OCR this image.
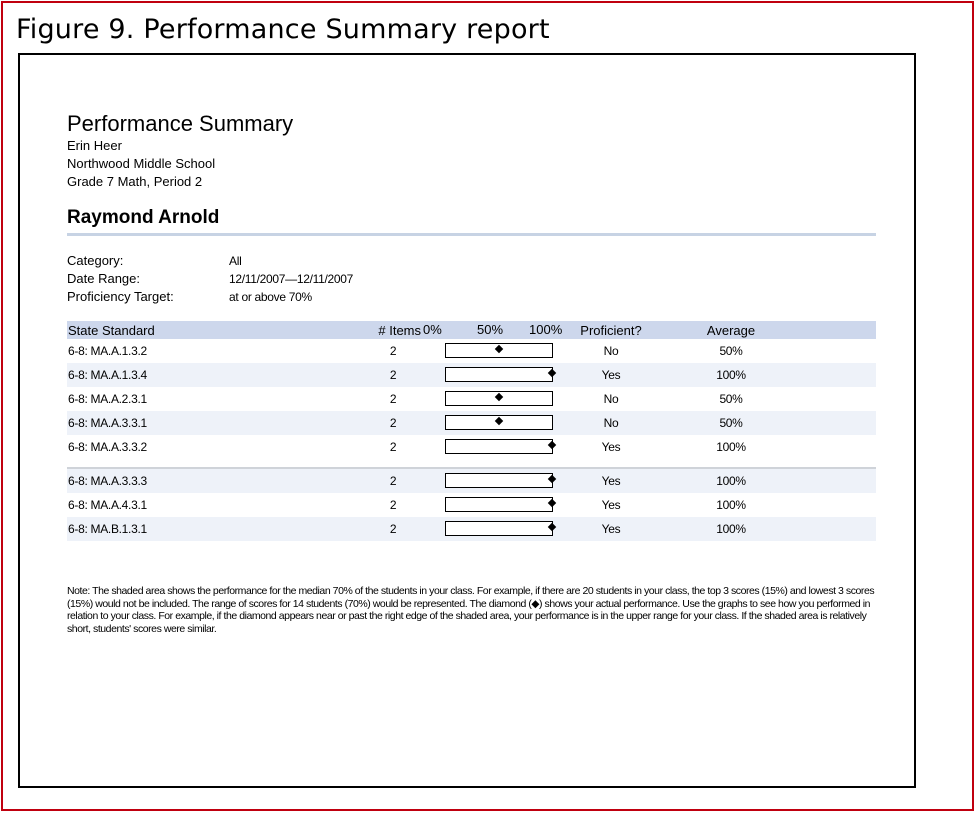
Figure 9. Performance Summary report
Performance Summary
Erin Heer
Northwood Middle School
Grade 7 Math, Period 2
Raymond Arnold
Category:	All
Date Range:	12/11/2007—12/11/2007
Proficiency Target:	at or above 70%
State Standard	# Items 0%	50% 100%	Proficient?	Average
6-8: MA.A.1.3.2	2	No	50%
6-8: MA.A.1.3.4	2	Yes	100%
6-8: MA.A.2.3.1	2	No	50%
6-8: MA.A.3.3.1	2	No	50%
6-8: MA.A.3.3.2	2	Yes	100%
6-8: MA.A.3.3.3	2	Yes	100%
6-8: MA.A.4.3.1	2	Yes	100%
6-8: MA.B.1.3.1	2	Yes	100%
Note: The shaded area shows the performance for the median 70% of the students in your class. For example, if there are 20 students in your class, the top 3 scores (15%) and lowest 3 scores (15%) would not be included. The range of scores for 14 students (70%) would be represented. The diamond (◆) shows your actual performance. Use the graphs to see how you performed in relation to your class. For example, if the diamond appears near or past the right edge of the shaded area, your performance is in the upper range for your class. If the shaded area is relatively short, students' scores were similar.
